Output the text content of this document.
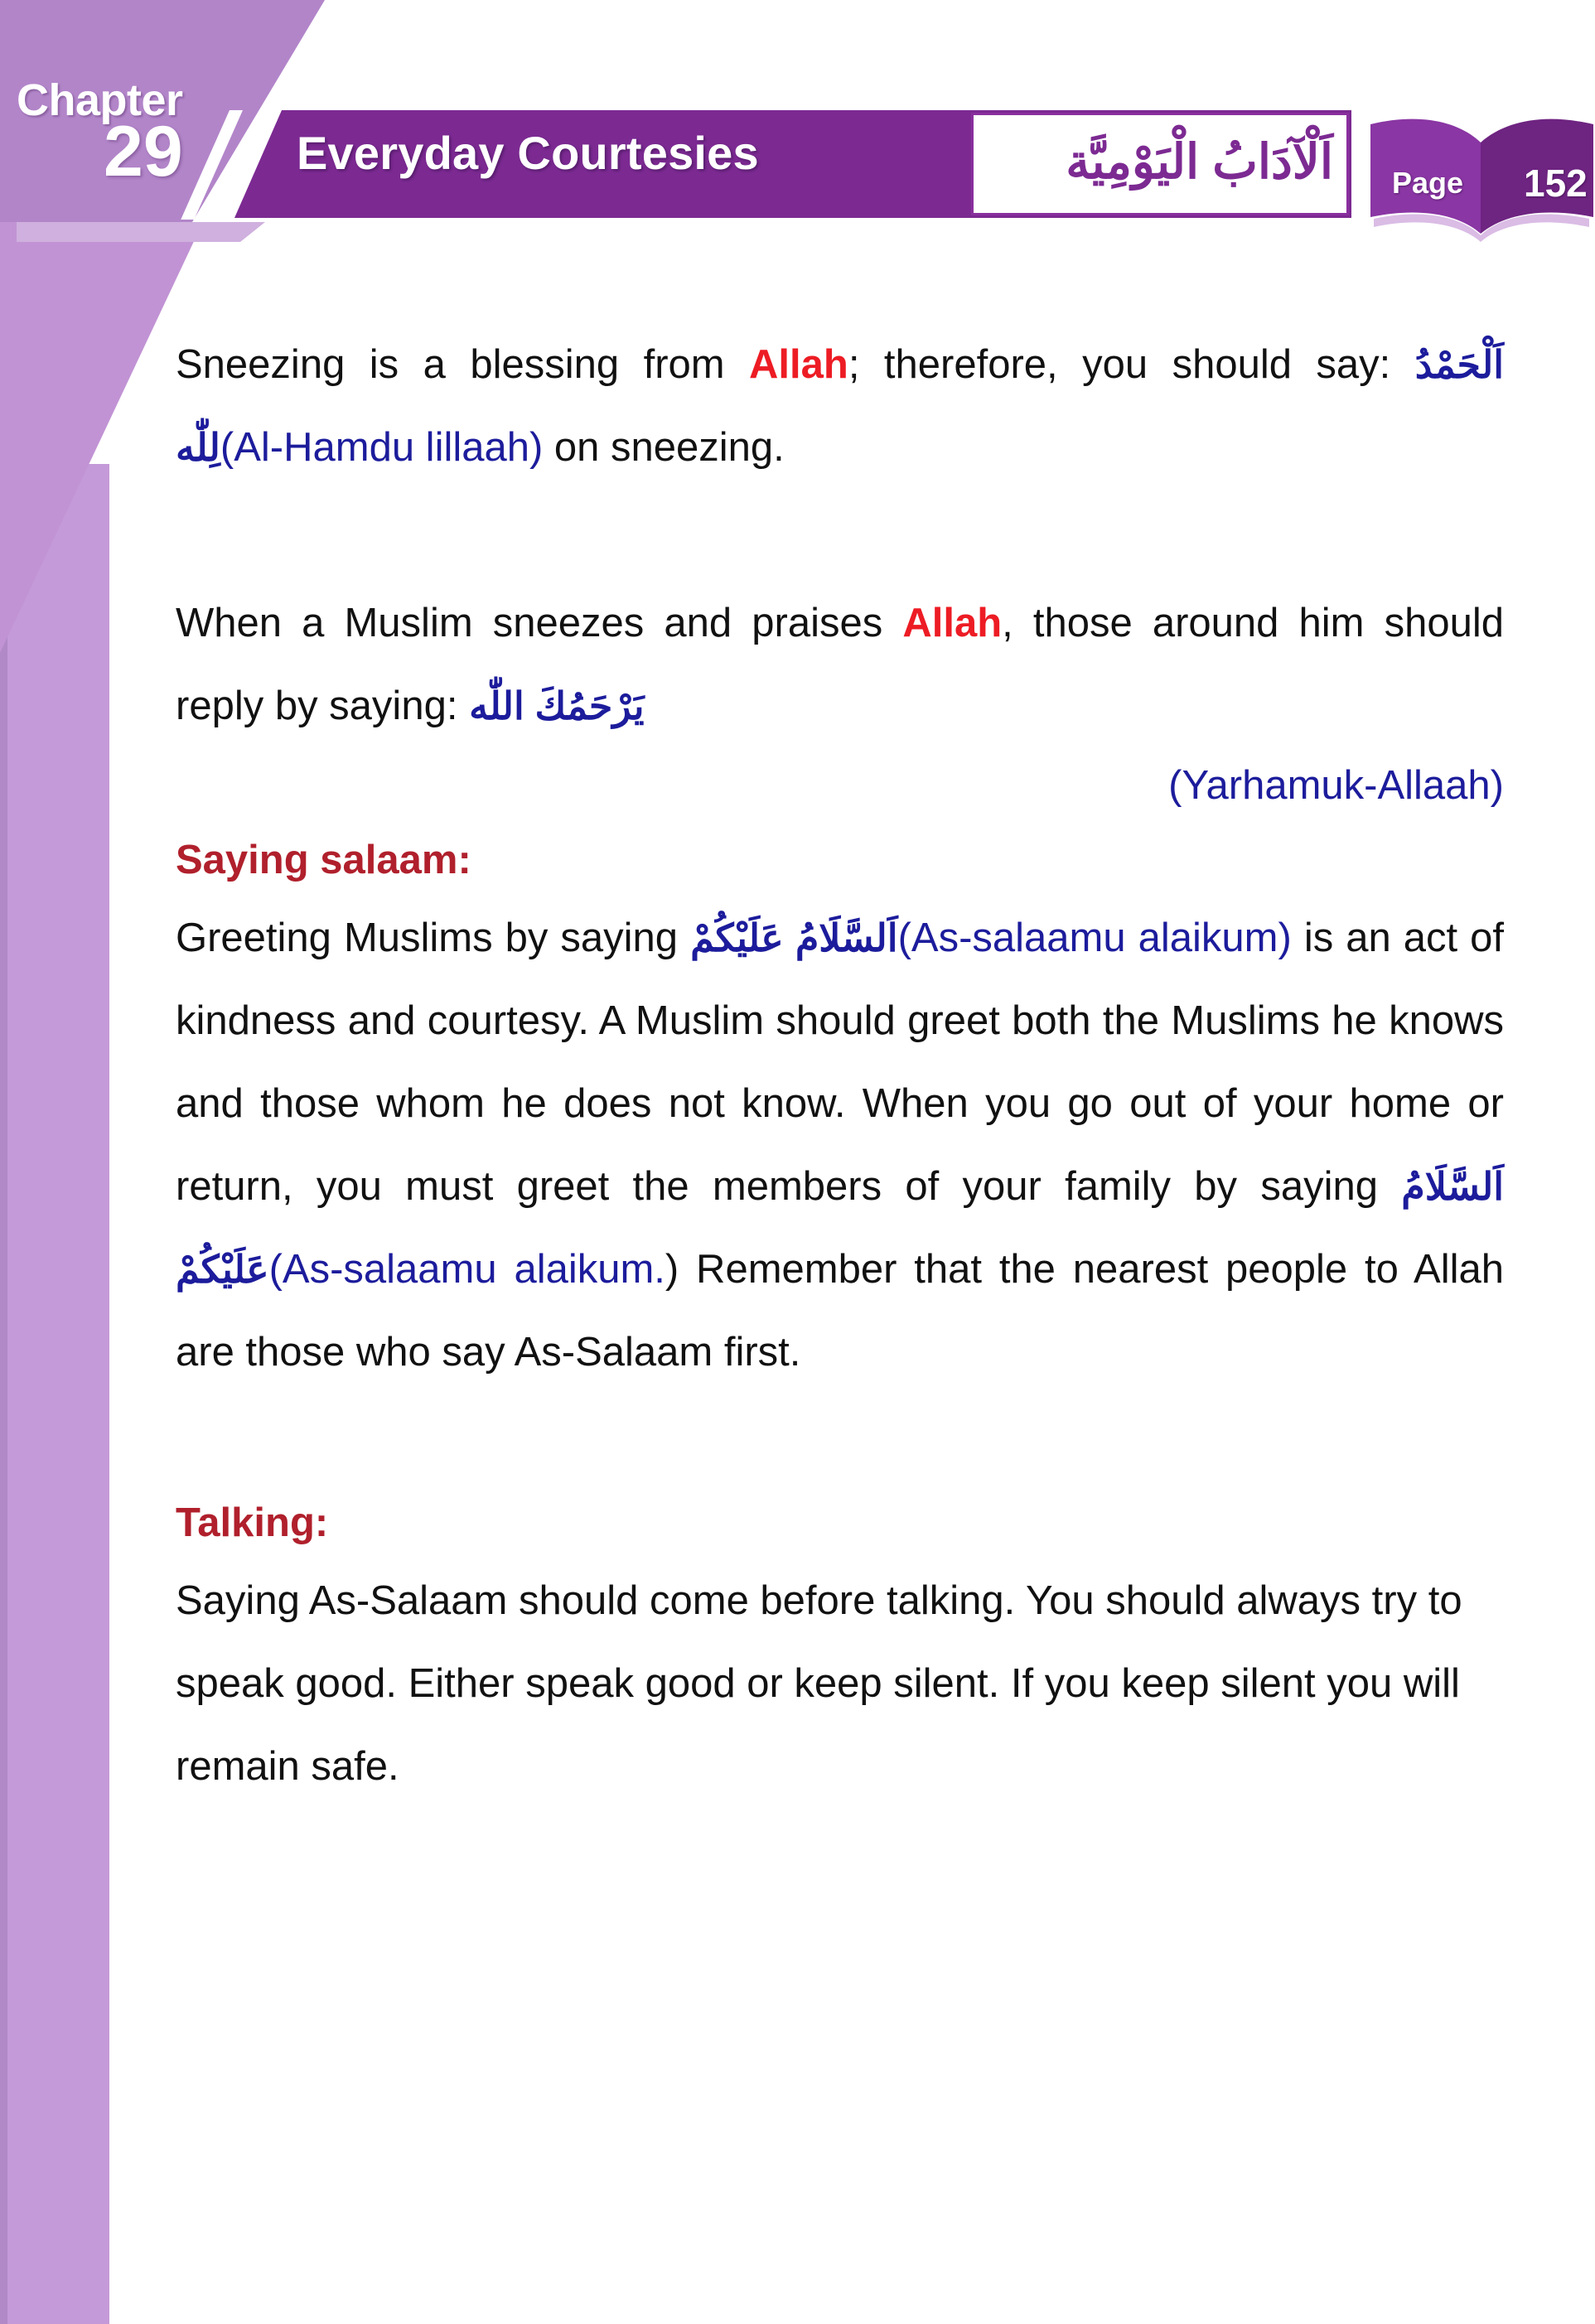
Chapter
29 Everyday Courtesies	اَلْآدَابُ الْيَوْمِيَّة Page 152

Sneezing is a blessing from Allah; therefore, you should say: اَلْحَمْدُ لِلّٰه(Al-Hamdu lillaah) on sneezing.

When a Muslim sneezes and praises Allah, those around him should reply by saying: يَرْحَمُكَ اللّٰه

(Yarhamuk-Allaah)
Saying salaam:

Greeting Muslims by saying اَلسَّلَامُ عَلَيْكُمْ(As-salaamu alaikum) is an act of kindness and courtesy. A Muslim should greet both the Muslims he knows and those whom he does not know. When you go out of your home or return, you must greet the members of your family by saying اَلسَّلَامُ عَلَيْكُمْ(As-salaamu alaikum.) Remember that the nearest people to Allah are those who say As-Salaam first.

Talking:

Saying As-Salaam should come before talking. You should always try to speak good. Either speak good or keep silent. If you keep silent you will remain safe.
